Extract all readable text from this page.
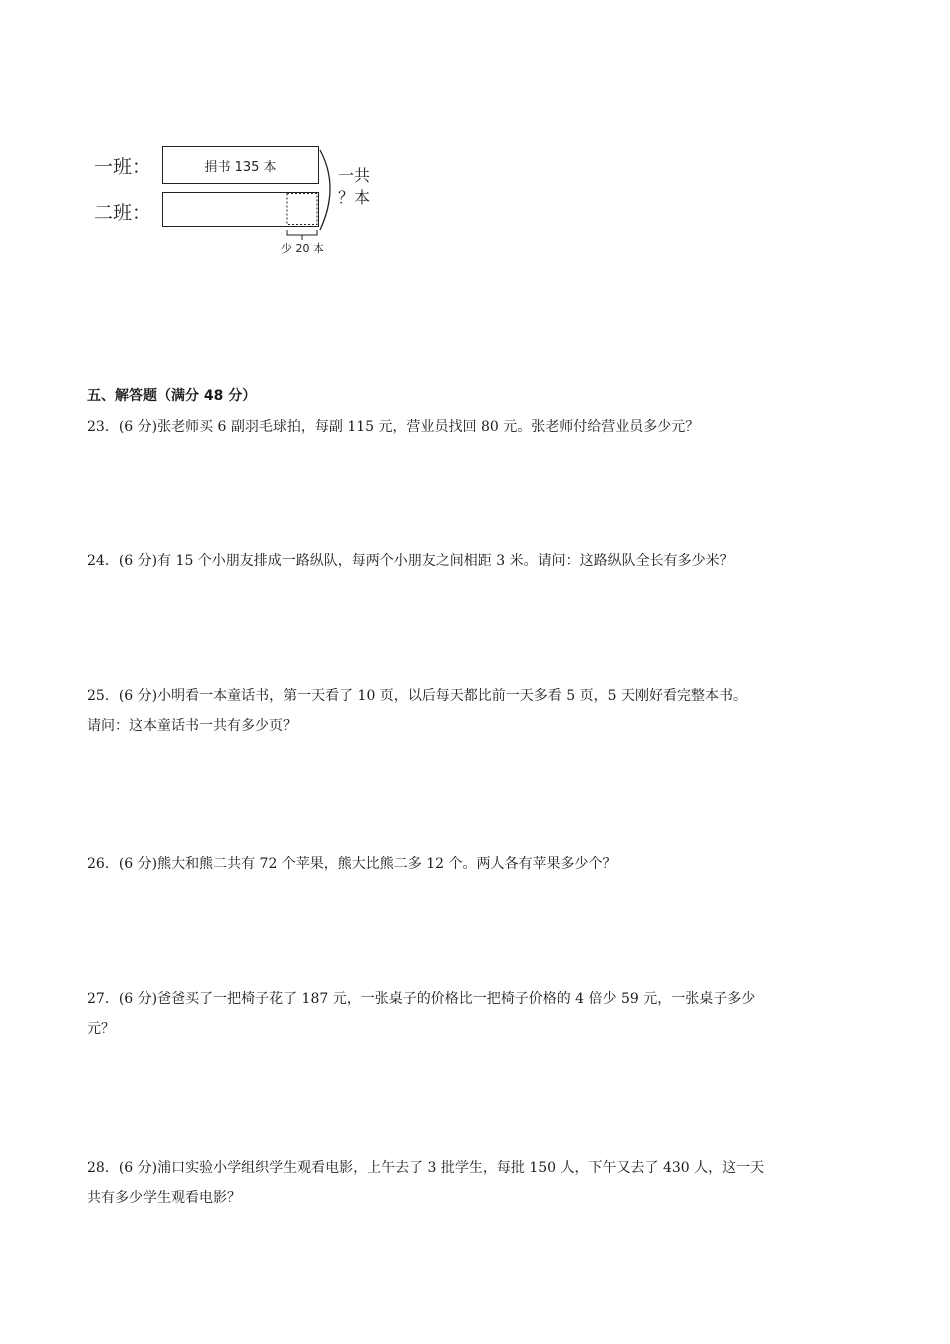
一班：
二班：
捐书 135 本	一共
？本
少 20 本
五、解答题（满分 48 分）
23．(6 分)张老师买 6 副羽毛球拍，每副 115 元，营业员找回 80 元。张老师付给营业员多少元？
24．(6 分)有 15 个小朋友排成一路纵队，每两个小朋友之间相距 3 米。请问：这路纵队全长有多少米？
25．(6 分)小明看一本童话书，第一天看了 10 页，以后每天都比前一天多看 5 页，5 天刚好看完整本书。
请问：这本童话书一共有多少页？
26．(6 分)熊大和熊二共有 72 个苹果，熊大比熊二多 12 个。两人各有苹果多少个？
27．(6 分)爸爸买了一把椅子花了 187 元，一张桌子的价格比一把椅子价格的 4 倍少 59 元，一张桌子多少
元？
28．(6 分)浦口实验小学组织学生观看电影，上午去了 3 批学生，每批 150 人，下午又去了 430 人，这一天
共有多少学生观看电影？
